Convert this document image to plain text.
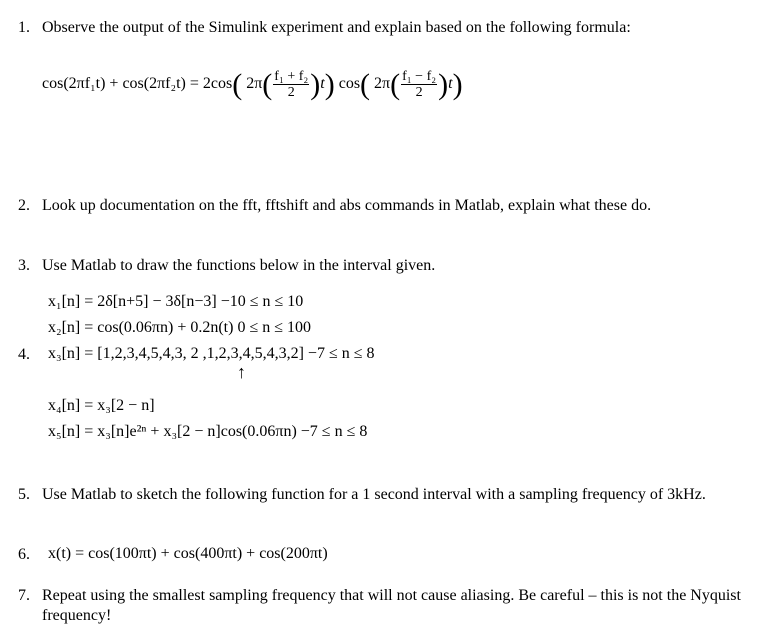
1. Observe the output of the Simulink experiment and explain based on the following formula:
cos(2πf₁t) + cos(2πf₂t) = 2cos( $2\pi( \frac{\text{f₁ + f₂}}{2} )t$) cos( $2\pi( \frac{\text{f₁ − f₂}}{2} )t$)
2. Look up documentation on the fft, fftshift and abs commands in Matlab, explain what these do.
3. Use Matlab to draw the functions below in the interval given.
x₁[n] = 2δ[n+5] − 3δ[n−3] −10 ≤ n ≤ 10
x₂[n] = cos(0.06πn) + 0.2n(t) 0 ≤ n ≤ 100
4. x₃[n] = [1,2,3,4,5,4,3, 2 ,1,2,3,4,5,4,3,2] −7 ≤ n ≤ 8
↑
x₄[n] = x₃[2 − n]
x₅[n] = x₃[n]e²ⁿ + x₃[2 − n]cos(0.06πn) −7 ≤ n ≤ 8
5. Use Matlab to sketch the following function for a 1 second interval with a sampling frequency of 3kHz.
6. x(t) = cos(100πt) + cos(400πt) + cos(200πt)
7. Repeat using the smallest sampling frequency that will not cause aliasing. Be careful – this is not the Nyquist frequency!
